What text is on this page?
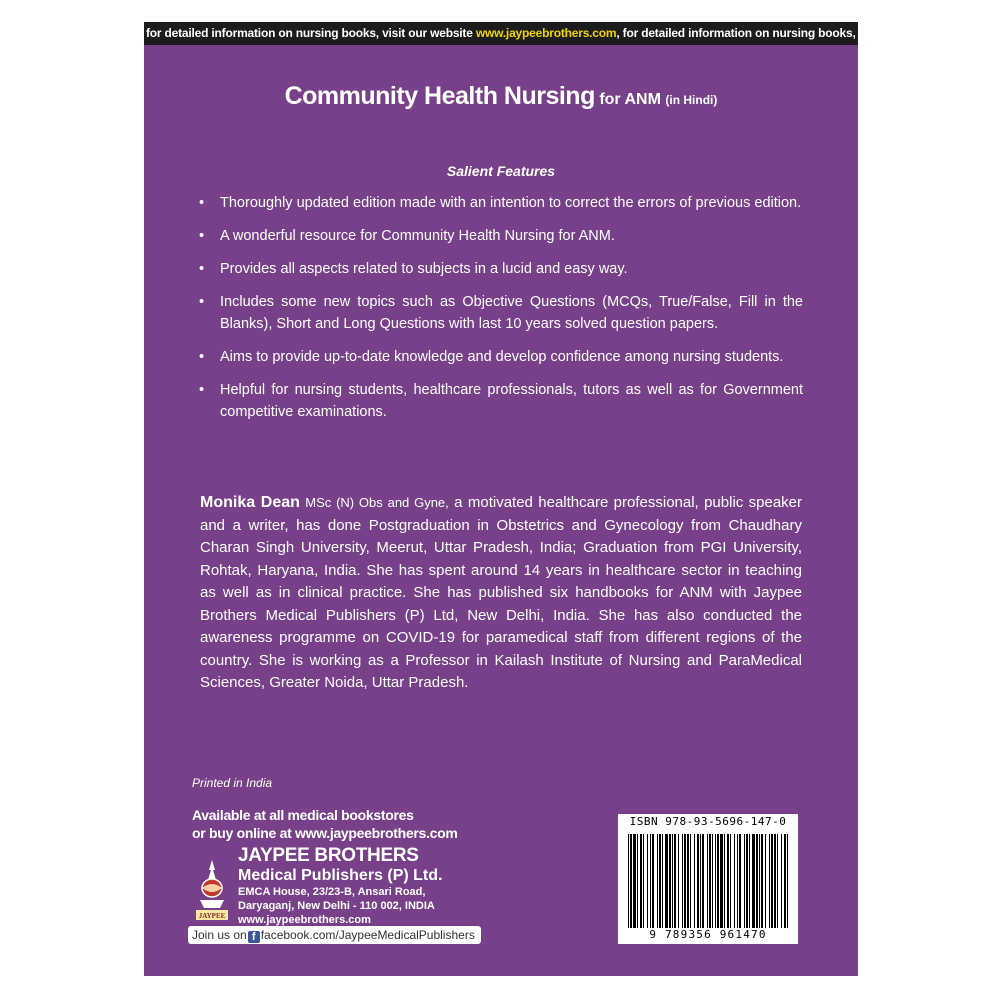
for detailed information on nursing books, visit our website www.jaypeebrothers.com, for detailed information on nursing books, visit our website
Community Health Nursing for ANM (in Hindi)
Salient Features
• Thoroughly updated edition made with an intention to correct the errors of previous edition.
• A wonderful resource for Community Health Nursing for ANM.
• Provides all aspects related to subjects in a lucid and easy way.
• Includes some new topics such as Objective Questions (MCQs, True/False, Fill in the Blanks), Short and Long Questions with last 10 years solved question papers.
• Aims to provide up-to-date knowledge and develop confidence among nursing students.
• Helpful for nursing students, healthcare professionals, tutors as well as for Government competitive examinations.

Monika Dean MSc (N) Obs and Gyne, a motivated healthcare professional, public speaker and a writer, has done Postgraduation in Obstetrics and Gynecology from Chaudhary Charan Singh University, Meerut, Uttar Pradesh, India; Graduation from PGI University, Rohtak, Haryana, India. She has spent around 14 years in healthcare sector in teaching as well as in clinical practice. She has published six handbooks for ANM with Jaypee Brothers Medical Publishers (P) Ltd, New Delhi, India. She has also conducted the awareness programme on COVID-19 for paramedical staff from different regions of the country. She is working as a Professor in Kailash Institute of Nursing and ParaMedical Sciences, Greater Noida, Uttar Pradesh.

Printed in India
Available at all medical bookstores
or buy online at www.jaypeebrothers.com
JAYPEE
JAYPEE BROTHERS
Medical Publishers (P) Ltd.
EMCA House, 23/23-B, Ansari Road,
Daryaganj, New Delhi - 110 002, INDIA
www.jaypeebrothers.com
Join us on f facebook.com/JaypeeMedicalPublishers
ISBN 978-93-5696-147-0
9 789356 961470
